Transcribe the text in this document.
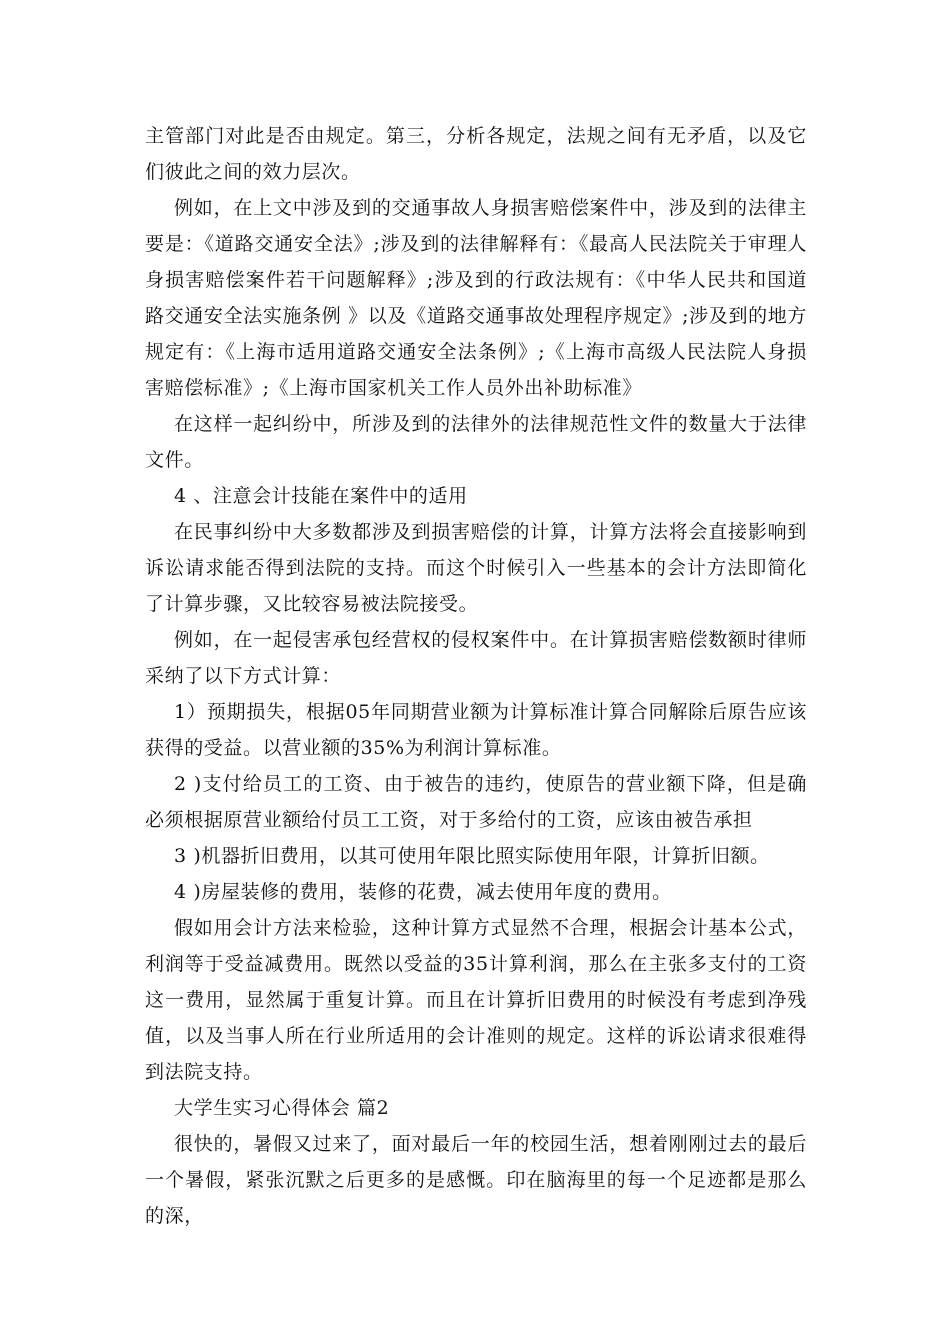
主管部门对此是否由规定。第三，分析各规定，法规之间有无矛盾，以及它们彼此之间的效力层次。

例如，在上文中涉及到的交通事故人身损害赔偿案件中，涉及到的法律主要是：《道路交通安全法》;涉及到的法律解释有：《最高人民法院关于审理人身损害赔偿案件若干问题解释》;涉及到的行政法规有：《中华人民共和国道路交通安全法实施条例 》以及《道路交通事故处理程序规定》;涉及到的地方规定有：《上海市适用道路交通安全法条例》;《上海市高级人民法院人身损害赔偿标准》;《上海市国家机关工作人员外出补助标准》

在这样一起纠纷中，所涉及到的法律外的法律规范性文件的数量大于法律文件。

4 、注意会计技能在案件中的适用

在民事纠纷中大多数都涉及到损害赔偿的计算，计算方法将会直接影响到诉讼请求能否得到法院的支持。而这个时候引入一些基本的会计方法即简化了计算步骤，又比较容易被法院接受。

例如，在一起侵害承包经营权的侵权案件中。在计算损害赔偿数额时律师采纳了以下方式计算：

1）预期损失，根据05年同期营业额为计算标准计算合同解除后原告应该获得的受益。以营业额的35%为利润计算标准。

2 )支付给员工的工资、由于被告的违约，使原告的营业额下降，但是确必须根据原营业额给付员工工资，对于多给付的工资，应该由被告承担

3 )机器折旧费用，以其可使用年限比照实际使用年限，计算折旧额。

4 )房屋装修的费用，装修的花费，减去使用年度的费用。

假如用会计方法来检验，这种计算方式显然不合理，根据会计基本公式，利润等于受益减费用。既然以受益的35计算利润，那么在主张多支付的工资这一费用，显然属于重复计算。而且在计算折旧费用的时候没有考虑到净残值，以及当事人所在行业所适用的会计准则的规定。这样的诉讼请求很难得到法院支持。

大学生实习心得体会 篇2

很快的，暑假又过来了，面对最后一年的校园生活，想着刚刚过去的最后一个暑假，紧张沉默之后更多的是感慨。印在脑海里的每一个足迹都是那么的深，
